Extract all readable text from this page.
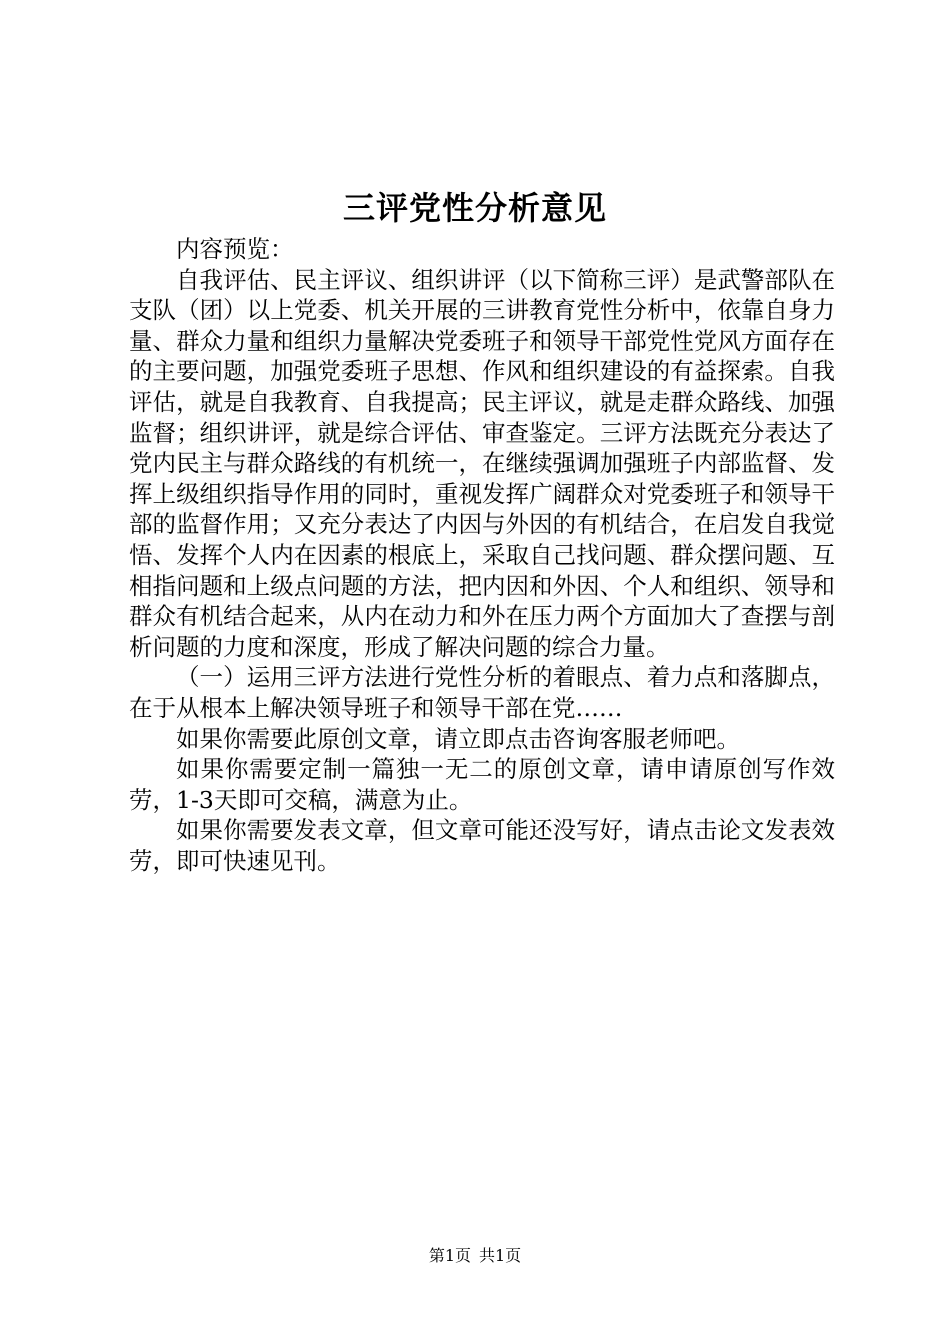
三评党性分析意见

内容预览：

自我评估、民主评议、组织讲评（以下简称三评）是武警部队在支队（团）以上党委、机关开展的三讲教育党性分析中，依靠自身力量、群众力量和组织力量解决党委班子和领导干部党性党风方面存在的主要问题，加强党委班子思想、作风和组织建设的有益探索。自我评估，就是自我教育、自我提高；民主评议，就是走群众路线、加强监督；组织讲评，就是综合评估、审查鉴定。三评方法既充分表达了党内民主与群众路线的有机统一，在继续强调加强班子内部监督、发挥上级组织指导作用的同时，重视发挥广阔群众对党委班子和领导干部的监督作用；又充分表达了内因与外因的有机结合，在启发自我觉悟、发挥个人内在因素的根底上，采取自己找问题、群众摆问题、互相指问题和上级点问题的方法，把内因和外因、个人和组织、领导和群众有机结合起来，从内在动力和外在压力两个方面加大了查摆与剖析问题的力度和深度，形成了解决问题的综合力量。

（一）运用三评方法进行党性分析的着眼点、着力点和落脚点，在于从根本上解决领导班子和领导干部在党……

如果你需要此原创文章，请立即点击咨询客服老师吧。

如果你需要定制一篇独一无二的原创文章，请申请原创写作效劳，1-3天即可交稿，满意为止。

如果你需要发表文章，但文章可能还没写好，请点击论文发表效劳，即可快速见刊。

第1页 共1页
